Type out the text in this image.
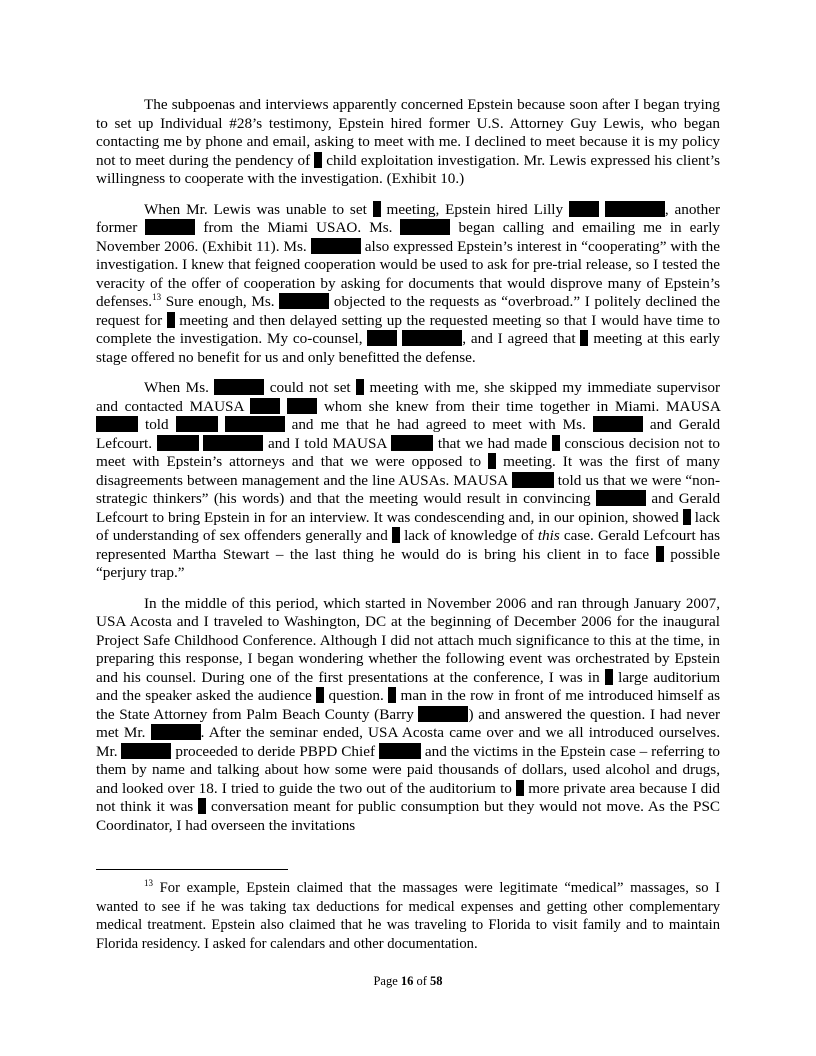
The subpoenas and interviews apparently concerned Epstein because soon after I began trying to set up Individual #28’s testimony, Epstein hired former U.S. Attorney Guy Lewis, who began contacting me by phone and email, asking to meet with me. I declined to meet because it is my policy not to meet during the pendency of child exploitation investigation. Mr. Lewis expressed his client’s willingness to cooperate with the investigation. (Exhibit 10.)

When Mr. Lewis was unable to set meeting, Epstein hired Lilly	, another former	from the Miami USAO. Ms.	began calling and emailing me in early November 2006. (Exhibit 11). Ms.	also expressed Epstein’s interest in “cooperating” with the investigation. I knew that feigned cooperation would be used to ask for pre-trial release, so I tested the veracity of the offer of cooperation by asking for documents that would disprove many of Epstein’s defenses.$^{13}$ Sure enough, Ms.	objected to the requests as “overbroad.” I politely declined the request for meeting and then delayed setting up the requested meeting so that I would have time to complete the investigation. My co-counsel,	, and I agreed that meeting at this early stage offered no benefit for us and only benefitted the defense.

When Ms.	could not set meeting with me, she skipped my immediate supervisor and contacted MAUSA	whom she knew from their time together in Miami. MAUSA  told	and me that he had agreed to meet with Ms.	and Gerald Lefcourt.	and I told MAUSA	that we had made conscious decision not to meet with Epstein’s attorneys and that we were opposed to meeting. It was the first of many disagreements between management and the line AUSAs. MAUSA	told us that we were “non-strategic thinkers” (his words) and that the meeting would result in convincing	and Gerald Lefcourt to bring Epstein in for an interview. It was condescending and, in our opinion, showed lack of understanding of sex offenders generally and lack of knowledge of this case. Gerald Lefcourt has represented Martha Stewart – the last thing he would do is bring his client in to face possible “perjury trap.”

In the middle of this period, which started in November 2006 and ran through January 2007, USA Acosta and I traveled to Washington, DC at the beginning of December 2006 for the inaugural Project Safe Childhood Conference. Although I did not attach much significance to this at the time, in preparing this response, I began wondering whether the following event was orchestrated by Epstein and his counsel. During one of the first presentations at the conference, I was in large auditorium and the speaker asked the audience question. man in the row in front of me introduced himself as the State Attorney from Palm Beach County (Barry	) and answered the question. I had never met Mr.	. After the seminar ended, USA Acosta came over and we all introduced ourselves. Mr.	proceeded to deride PBPD Chief	and the victims in the Epstein case – referring to them by name and talking about how some were paid thousands of dollars, used alcohol and drugs, and looked over 18. I tried to guide the two out of the auditorium to more private area because I did not think it was conversation meant for public consumption but they would not move. As the PSC Coordinator, I had overseen the invitations

$^{13}$ For example, Epstein claimed that the massages were legitimate “medical” massages, so I wanted to see if he was taking tax deductions for medical expenses and getting other complementary medical treatment. Epstein also claimed that he was traveling to Florida to visit family and to maintain Florida residency. I asked for calendars and other documentation.

Page 16 of 58
